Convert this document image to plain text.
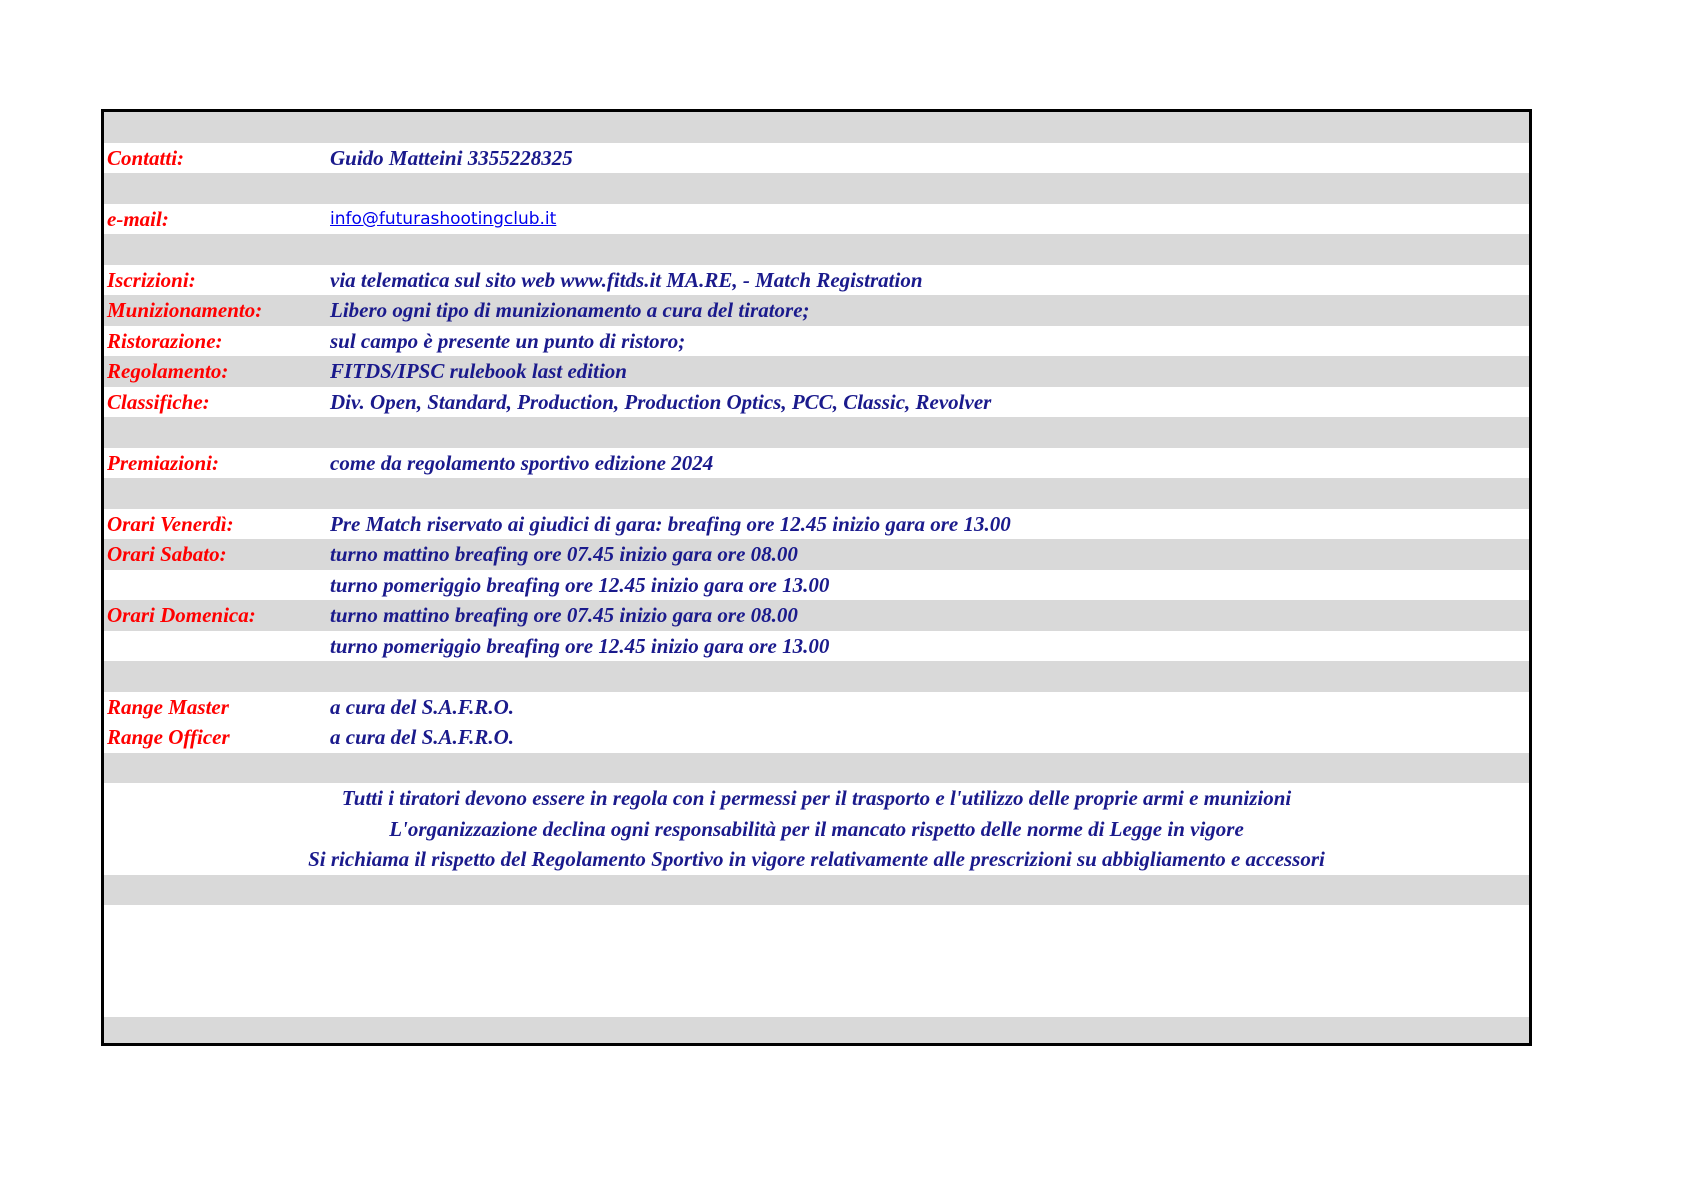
Contatti:	Guido Matteini 3355228325
e-mail:	info@futurashootingclub.it
Iscrizioni:	via telematica sul sito web www.fitds.it MA.RE, - Match Registration
Munizionamento:	Libero ogni tipo di munizionamento a cura del tiratore;
Ristorazione:	sul campo è presente un punto di ristoro;
Regolamento:	FITDS/IPSC rulebook last edition
Classifiche:	Div. Open, Standard, Production, Production Optics, PCC, Classic, Revolver
Premiazioni:	come da regolamento sportivo edizione 2024
Orari Venerdì:	Pre Match riservato ai giudici di gara: breafing ore 12.45 inizio gara ore 13.00
Orari Sabato:	turno mattino breafing ore 07.45 inizio gara ore 08.00
turno pomeriggio breafing ore 12.45 inizio gara ore 13.00
Orari Domenica:	turno mattino breafing ore 07.45 inizio gara ore 08.00
turno pomeriggio breafing ore 12.45 inizio gara ore 13.00
Range Master	a cura del S.A.F.R.O.
Range Officer	a cura del S.A.F.R.O.
Tutti i tiratori devono essere in regola con i permessi per il trasporto e l'utilizzo delle proprie armi e munizioni
L'organizzazione declina ogni responsabilità per il mancato rispetto delle norme di Legge in vigore
Si richiama il rispetto del Regolamento Sportivo in vigore relativamente alle prescrizioni su abbigliamento e accessori
